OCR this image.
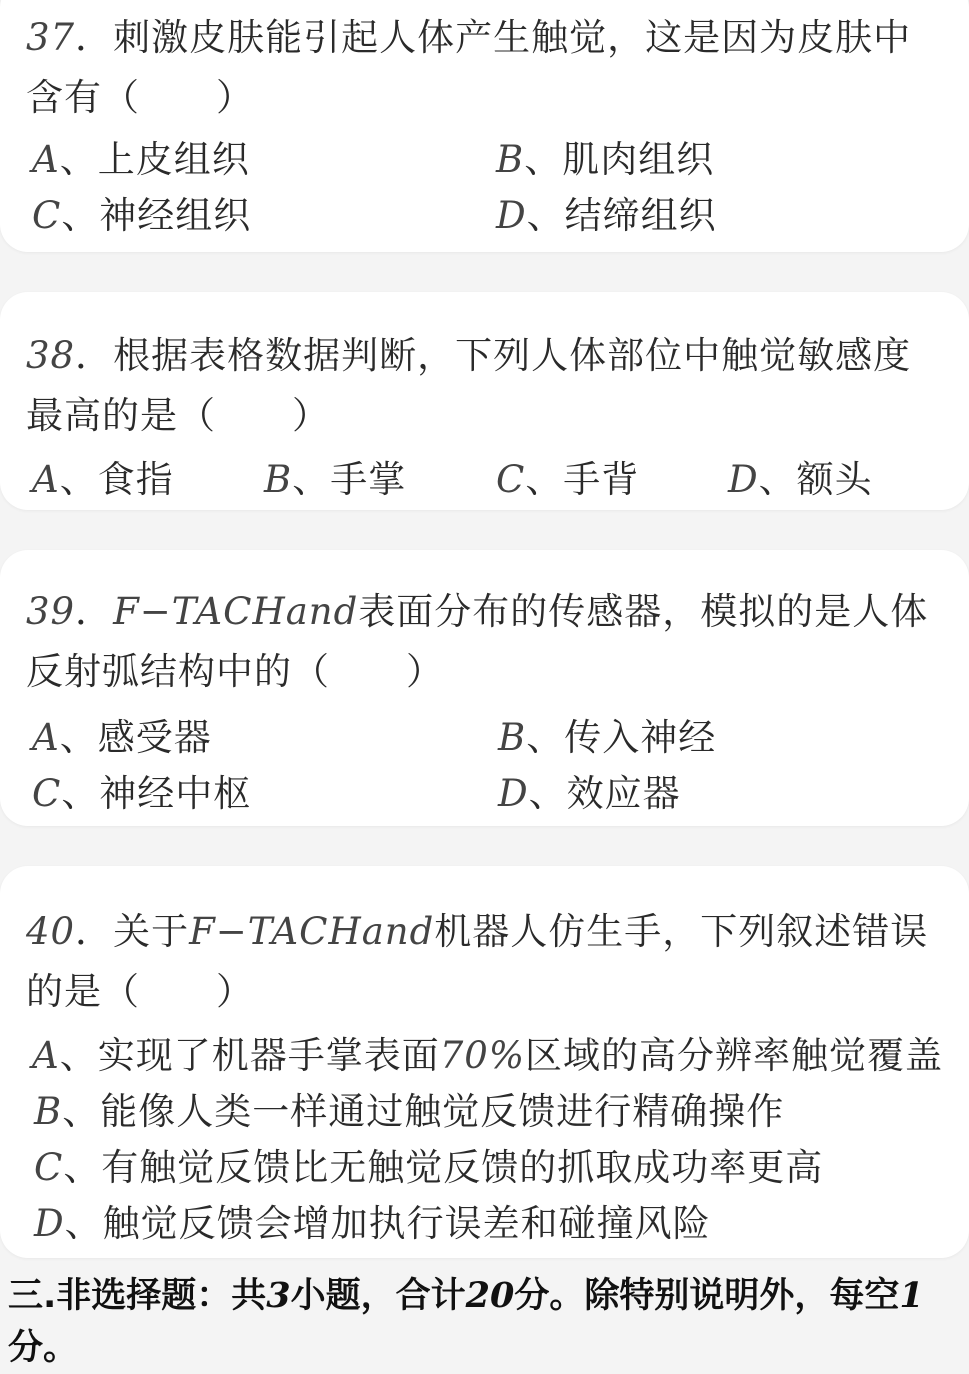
37．刺激皮肤能引起人体产生触觉，这是因为皮肤中含有（　　）

A、上皮组织	B、肌肉组织
C、神经组织	D、结缔组织

38．根据表格数据判断，下列人体部位中触觉敏感度最高的是（　　）

A、食指 B、手掌 C、手背 D、额头

39．F−TACHand表面分布的传感器，模拟的是人体反射弧结构中的（　　）

A、感受器	B、传入神经
C、神经中枢	D、效应器

40．关于F−TACHand机器人仿生手，下列叙述错误的是（　　）

A、实现了机器手掌表面70%区域的高分辨率触觉覆盖
B、能像人类一样通过触觉反馈进行精确操作
C、有触觉反馈比无触觉反馈的抓取成功率更高
D、触觉反馈会增加执行误差和碰撞风险
三.非选择题：共3小题，合计20分。除特别说明外，每空1
分。
